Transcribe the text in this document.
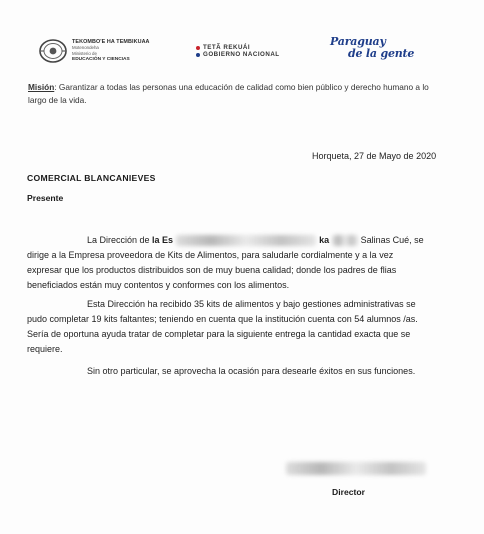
TEKOMBO'E HA TEMBIKUAA
Motenondeha
Ministerio de
EDUCACIÓN Y CIENCIAS
TETÃ REKUÁI
GOBIERNO NACIONAL
Paraguay
de la gente
Misión: Garantizar a todas las personas una educación de calidad como bien público y derecho humano a lo largo de la vida.
Horqueta, 27 de Mayo de 2020
COMERCIAL BLANCANIEVES
Presente
La Dirección de la Es	ka	Salinas Cué, se dirige a la Empresa proveedora de Kits de Alimentos, para saludarle cordialmente y a la vez expresar que los productos distribuidos son de muy buena calidad; donde los padres de flias beneficiados están muy contentos y conformes con los alimentos.
Esta Dirección ha recibido 35 kits de alimentos y bajo gestiones administrativas se pudo completar 19 kits faltantes; teniendo en cuenta que la institución cuenta con 54 alumnos /as. Sería de oportuna ayuda tratar de completar para la siguiente entrega la cantidad exacta que se requiere.
Sin otro particular, se aprovecha la ocasión para desearle éxitos en sus funciones.
Director
